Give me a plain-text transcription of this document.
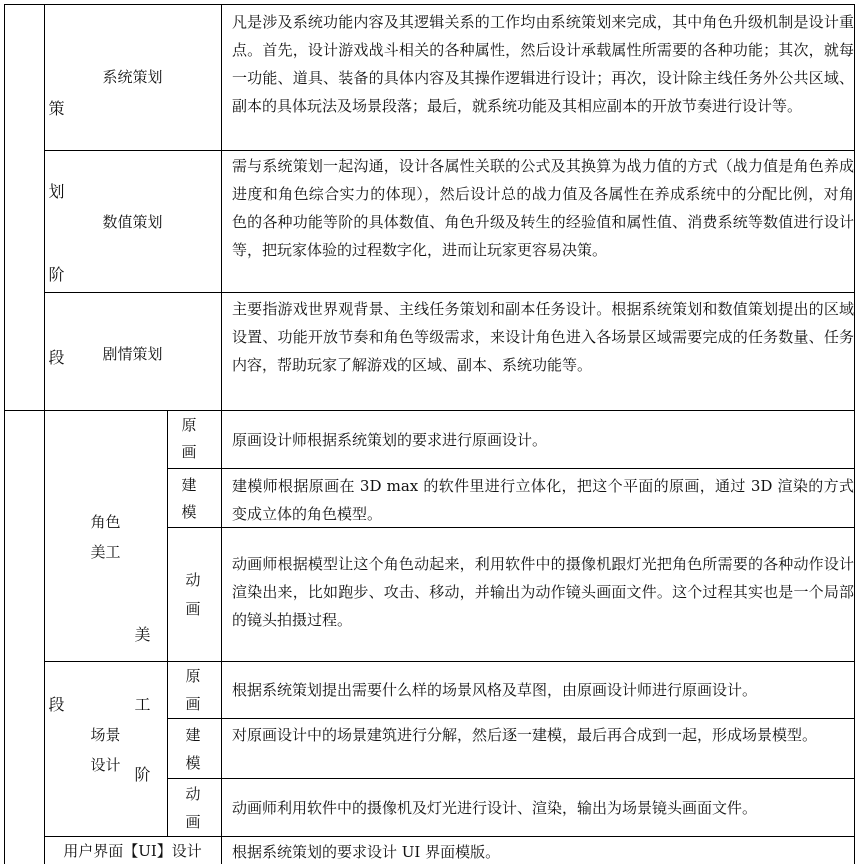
策划阶段
系统策划
凡是涉及系统功能内容及其逻辑关系的工作均由系统策划来完成，其中角色升级机制是设计重点。首先，设计游戏战斗相关的各种属性，然后设计承载属性所需要的各种功能；其次，就每一功能、道具、装备的具体内容及其操作逻辑进行设计；再次，设计除主线任务外公共区域、副本的具体玩法及场景段落；最后，就系统功能及其相应副本的开放节奏进行设计等。
数值策划
需与系统策划一起沟通，设计各属性关联的公式及其换算为战力值的方式（战力值是角色养成进度和角色综合实力的体现），然后设计总的战力值及各属性在养成系统中的分配比例，对角色的各种功能等阶的具体数值、角色升级及转生的经验值和属性值、消费系统等数值进行设计等，把玩家体验的过程数字化，进而让玩家更容易决策。
剧情策划
主要指游戏世界观背景、主线任务策划和副本任务设计。根据系统策划和数值策划提出的区域设置、功能开放节奏和角色等级需求，来设计角色进入各场景区域需要完成的任务数量、任务内容，帮助玩家了解游戏的区域、副本、系统功能等。
美工阶段
角色
美工
原画
原画设计师根据系统策划的要求进行原画设计。
建模
建模师根据原画在 3D max 的软件里进行立体化，把这个平面的原画，通过 3D 渲染的方式变成立体的角色模型。
动画
动画师根据模型让这个角色动起来，利用软件中的摄像机跟灯光把角色所需要的各种动作设计渲染出来，比如跑步、攻击、移动，并输出为动作镜头画面文件。这个过程其实也是一个局部的镜头拍摄过程。
场景
设计
原画
根据系统策划提出需要什么样的场景风格及草图，由原画设计师进行原画设计。
建模
对原画设计中的场景建筑进行分解，然后逐一建模，最后再合成到一起，形成场景模型。
动画
动画师利用软件中的摄像机及灯光进行设计、渲染，输出为场景镜头画面文件。
用户界面【UI】设计	根据系统策划的要求设计 UI 界面模版。
